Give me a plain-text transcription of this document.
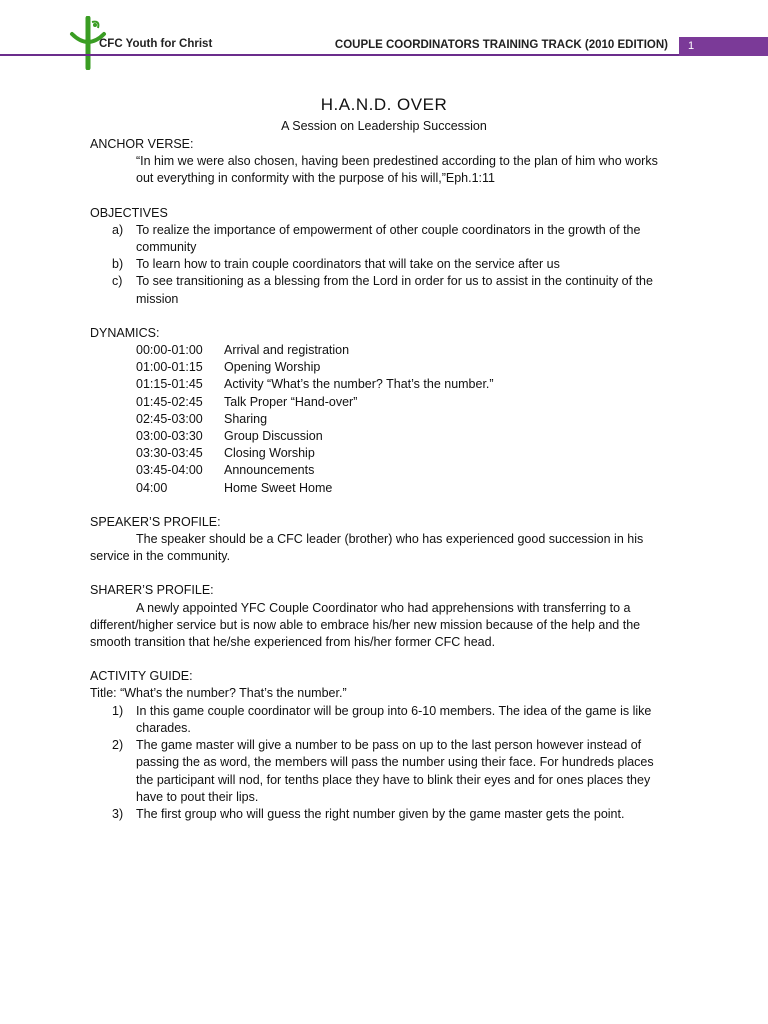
CFC Youth for Christ	COUPLE COORDINATORS TRAINING TRACK (2010 EDITION) 1
H.A.N.D. OVER
A Session on Leadership Succession

ANCHOR VERSE:

“In him we were also chosen, having been predestined according to the plan of him who works

out everything in conformity with the purpose of his will,”Eph.1:11

OBJECTIVES

a) To realize the importance of empowerment of other couple coordinators in the growth of the
community
b) To learn how to train couple coordinators that will take on the service after us
c) To see transitioning as a blessing from the Lord in order for us to assist in the continuity of the
mission

DYNAMICS:

00:00-01:00 Arrival and registration
01:00-01:15 Opening Worship
01:15-01:45 Activity “What’s the number? That’s the number.”
01:45-02:45 Talk Proper “Hand-over”
02:45-03:00 Sharing
03:00-03:30 Group Discussion
03:30-03:45 Closing Worship
03:45-04:00 Announcements
04:00	Home Sweet Home

SPEAKER’S PROFILE:

The speaker should be a CFC leader (brother) who has experienced good succession in his

service in the community.

SHARER’S PROFILE:

A newly appointed YFC Couple Coordinator who had apprehensions with transferring to a

different/higher service but is now able to embrace his/her new mission because of the help and the

smooth transition that he/she experienced from his/her former CFC head.

ACTIVITY GUIDE:

Title: “What’s the number? That’s the number.”

1) In this game couple coordinator will be group into 6-10 members. The idea of the game is like
charades.
2) The game master will give a number to be pass on up to the last person however instead of
passing the as word, the members will pass the number using their face. For hundreds places
the participant will nod, for tenths place they have to blink their eyes and for ones places they
have to pout their lips.
3) The first group who will guess the right number given by the game master gets the point.
